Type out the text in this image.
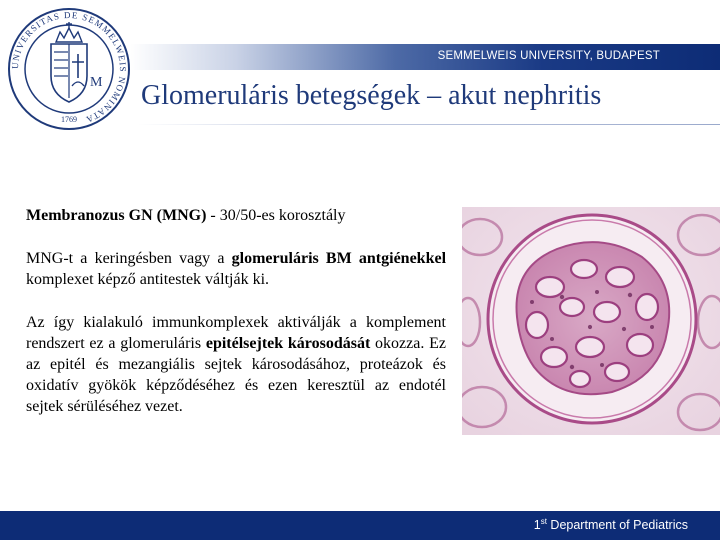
UNIVERSITAS DE SEMMELWEIS NOMINATA
M
1769
SEMMELWEIS UNIVERSITY, BUDAPEST
Glomeruláris betegségek – akut nephritis

Membranozus GN (MNG) - 30/50-es korosztály

MNG-t a keringésben vagy a glomeruláris BM antgiénekkel komplexet képző antitestek váltják ki.

Az így kialakuló immunkomplexek aktiválják a komplement rendszert ez a glomeruláris epitélsejtek károsodását okozza. Ez az epitél és mezangiális sejtek károsodásához, proteázok és oxidatív gyökök képződéséhez és ezen keresztül az endotél sejtek sérüléséhez vezet.

1st Department of Pediatrics
